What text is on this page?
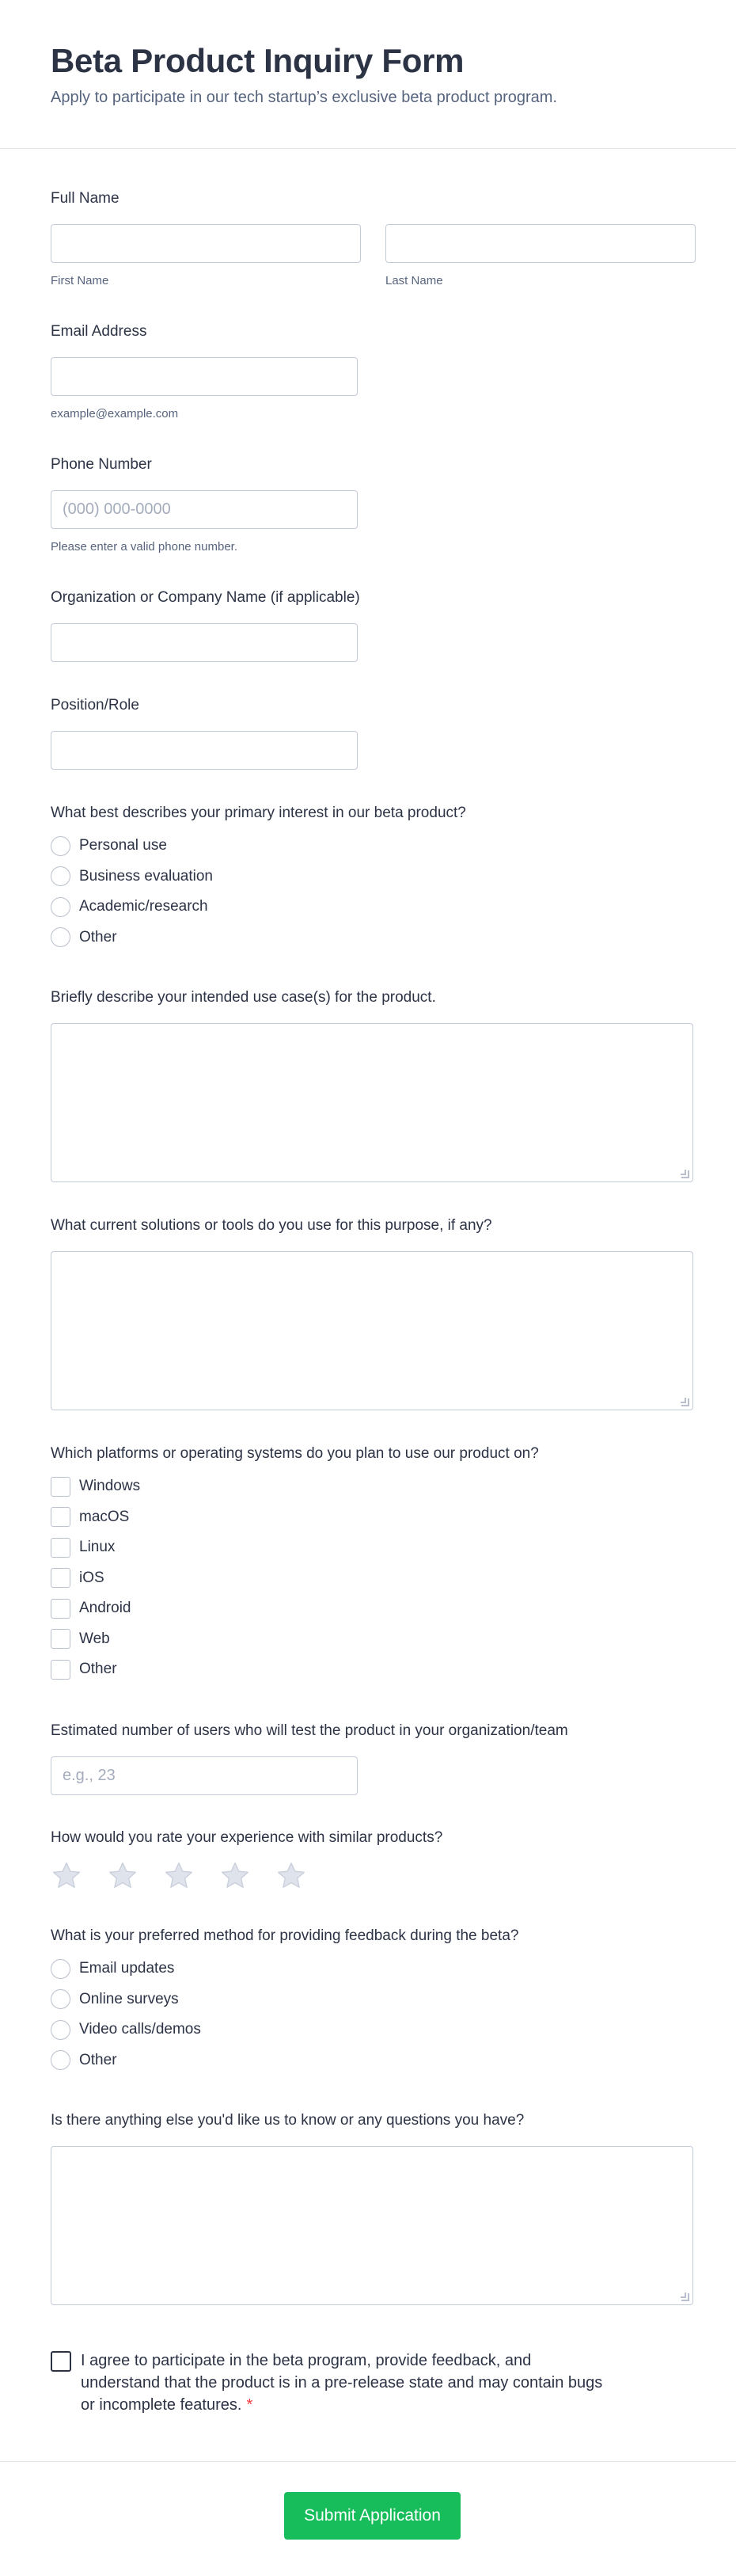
Beta Product Inquiry Form

Apply to participate in our tech startup’s exclusive beta product program.

Full Name
First Name	Last Name
Email Address
example@example.com
Phone Number
(000) 000-0000
Please enter a valid phone number.
Organization or Company Name (if applicable)
Position/Role
What best describes your primary interest in our beta product?
Personal use
Business evaluation
Academic/research
Other
Briefly describe your intended use case(s) for the product.
What current solutions or tools do you use for this purpose, if any?
Which platforms or operating systems do you plan to use our product on?
Windows
macOS
Linux
iOS
Android
Web
Other
Estimated number of users who will test the product in your organization/team
e.g., 23
How would you rate your experience with similar products?
What is your preferred method for providing feedback during the beta?
Email updates
Online surveys
Video calls/demos
Other
Is there anything else you'd like us to know or any questions you have?
I agree to participate in the beta program, provide feedback, and understand that the product is in a pre-release state and may contain bugs or incomplete features. *
Submit Application
